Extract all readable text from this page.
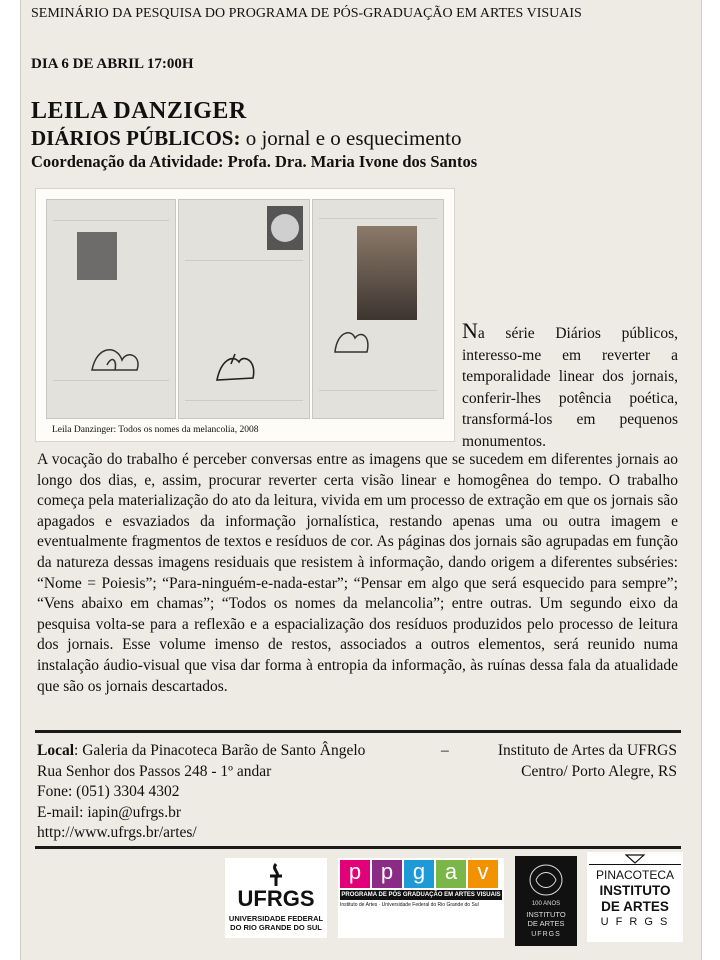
SEMINÁRIO DA PESQUISA DO PROGRAMA DE PÓS-GRADUAÇÃO EM ARTES VISUAIS
DIA 6 DE ABRIL 17:00H
LEILA DANZIGER
DIÁRIOS PÚBLICOS: o jornal e o esquecimento
Coordenação da Atividade: Profa. Dra. Maria Ivone dos Santos
Leila Danzinger: Todos os nomes da melancolia, 2008
Na série Diários públicos, interesso-me em reverter a temporalidade linear dos jornais, conferir-lhes potência poética, transformá-los em pequenos monumentos.
A vocação do trabalho é perceber conversas entre as imagens que se sucedem em diferentes jornais ao longo dos dias, e, assim, procurar reverter certa visão linear e homogênea do tempo. O trabalho começa pela materialização do ato da leitura, vivida em um processo de extração em que os jornais são apagados e esvaziados da informação jornalística, restando apenas uma ou outra imagem e eventualmente fragmentos de textos e resíduos de cor. As páginas dos jornais são agrupadas em função da natureza dessas imagens residuais que resistem à informação, dando origem a diferentes subséries: “Nome = Poiesis”; “Para-ninguém-e-nada-estar”; “Pensar em algo que será esquecido para sempre”; “Vens abaixo em chamas”; “Todos os nomes da melancolia”; entre outras. Um segundo eixo da pesquisa volta-se para a reflexão e a espacialização dos resíduos produzidos pelo processo de leitura dos jornais. Esse volume imenso de restos, associados a outros elementos, será reunido numa instalação áudio-visual que visa dar forma à entropia da informação, às ruínas dessa fala da atualidade que são os jornais descartados.
Local: Galeria da Pinacoteca Barão de Santo Ângelo	–	Instituto de Artes da UFRGS
Rua Senhor dos Passos 248 - 1º andar	Centro/ Porto Alegre, RS
Fone: (051) 3304 4302
E-mail: iapin@ufrgs.br
http://www.ufrgs.br/artes/
UFRGS
UNIVERSIDADE FEDERAL
DO RIO GRANDE DO SUL
p p g a v
PROGRAMA DE PÓS GRADUAÇÃO EM ARTES VISUAIS
Instituto de Artes · Universidade Federal do Rio Grande do Sul	100 ANOS
INSTITUTO
DE ARTES
UFRGS
PINACOTECA
INSTITUTO
DE ARTES
U F R G S
